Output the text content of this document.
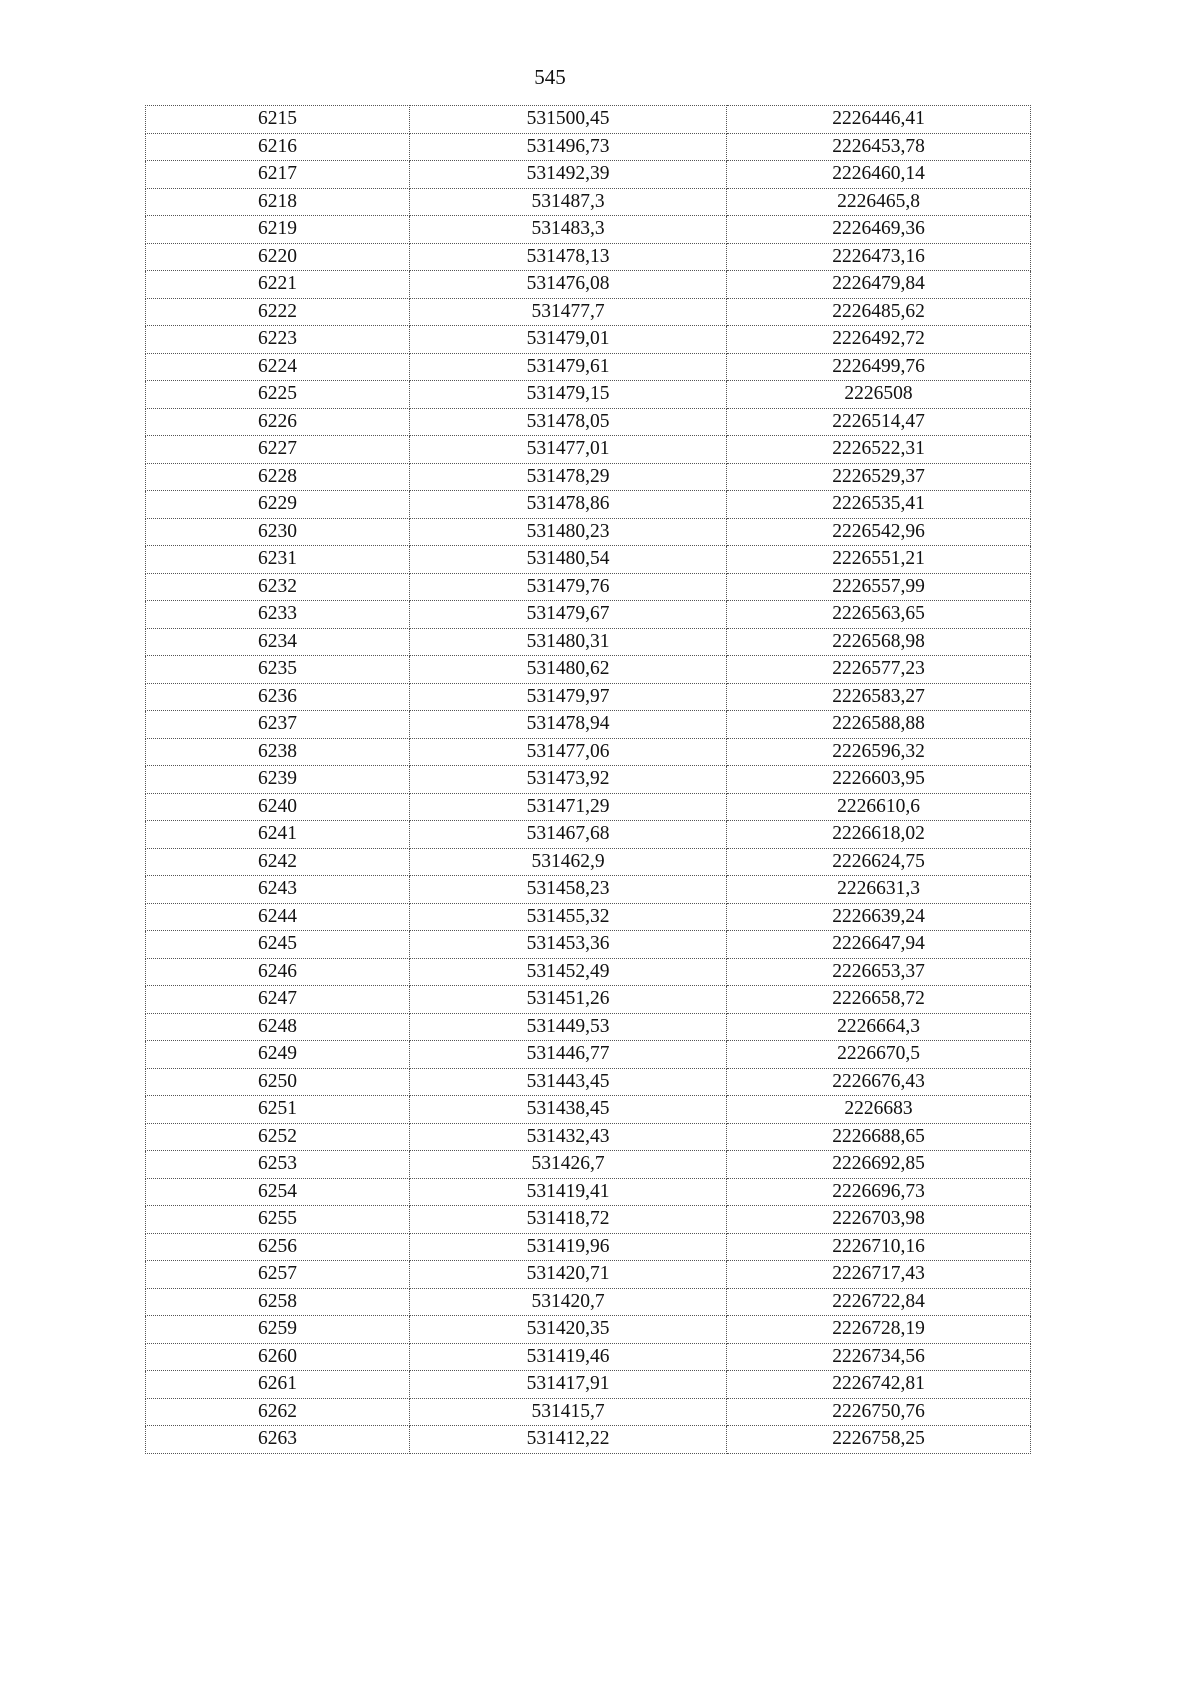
545
6215	531500,45	2226446,41
6216	531496,73	2226453,78
6217	531492,39	2226460,14
6218	531487,3	2226465,8
6219	531483,3	2226469,36
6220	531478,13	2226473,16
6221	531476,08	2226479,84
6222	531477,7	2226485,62
6223	531479,01	2226492,72
6224	531479,61	2226499,76
6225	531479,15	2226508
6226	531478,05	2226514,47
6227	531477,01	2226522,31
6228	531478,29	2226529,37
6229	531478,86	2226535,41
6230	531480,23	2226542,96
6231	531480,54	2226551,21
6232	531479,76	2226557,99
6233	531479,67	2226563,65
6234	531480,31	2226568,98
6235	531480,62	2226577,23
6236	531479,97	2226583,27
6237	531478,94	2226588,88
6238	531477,06	2226596,32
6239	531473,92	2226603,95
6240	531471,29	2226610,6
6241	531467,68	2226618,02
6242	531462,9	2226624,75
6243	531458,23	2226631,3
6244	531455,32	2226639,24
6245	531453,36	2226647,94
6246	531452,49	2226653,37
6247	531451,26	2226658,72
6248	531449,53	2226664,3
6249	531446,77	2226670,5
6250	531443,45	2226676,43
6251	531438,45	2226683
6252	531432,43	2226688,65
6253	531426,7	2226692,85
6254	531419,41	2226696,73
6255	531418,72	2226703,98
6256	531419,96	2226710,16
6257	531420,71	2226717,43
6258	531420,7	2226722,84
6259	531420,35	2226728,19
6260	531419,46	2226734,56
6261	531417,91	2226742,81
6262	531415,7	2226750,76
6263	531412,22	2226758,25
